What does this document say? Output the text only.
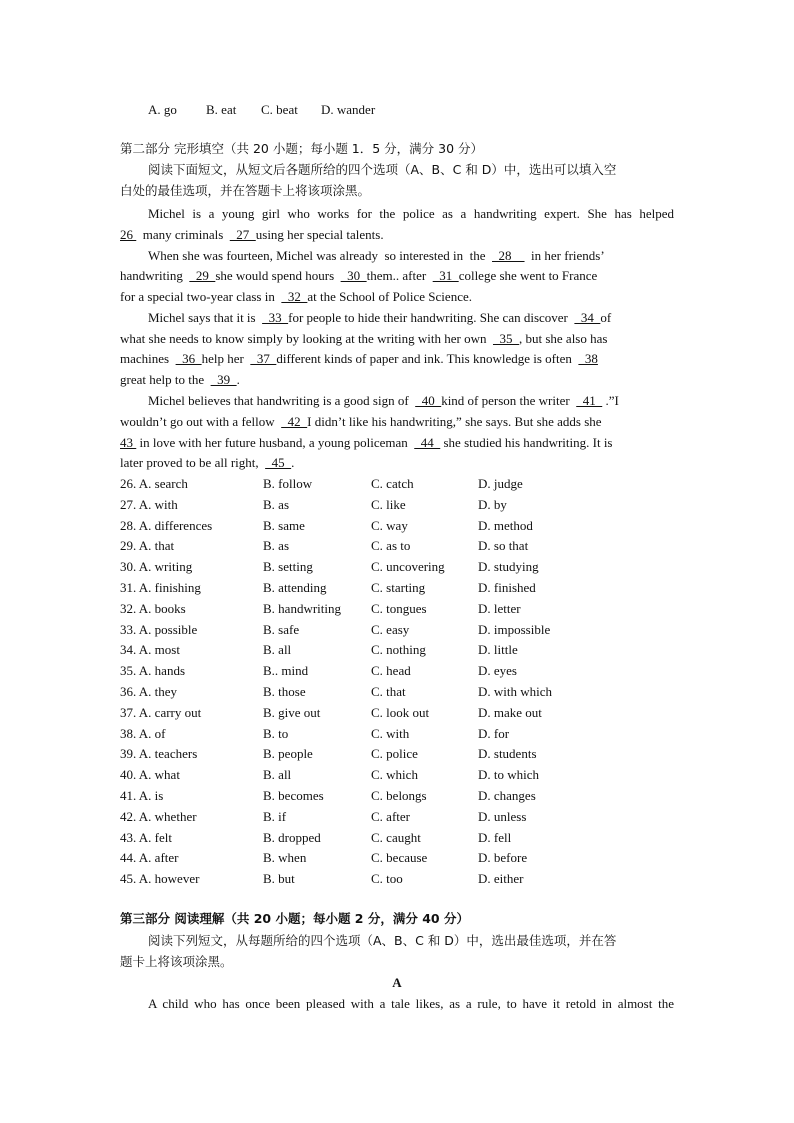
A. go B. eat C. beat D. wander
第二部分 完形填空（共 20 小题；每小题 1．5 分，满分 30 分）
阅读下面短文，从短文后各题所给的四个选项（A、B、C 和 D）中，选出可以填入空
白处的最佳选项，并在答题卡上将该项涂黑。
Michel is a young girl who works for the police as a handwriting expert. She has helped
26   many criminals    27  using her special talents.
When she was fourteen, Michel was already  so interested in  the    28      in her friends’
handwriting    29  she would spend hours    30  them.. after    31  college she went to France
for a special two-year class in    32  at the School of Police Science.
Michel says that it is    33  for people to hide their handwriting. She can discover    34  of
what she needs to know simply by looking at the writing with her own    35  , but she also has
machines    36  help her    37  different kinds of paper and ink. This knowledge is often    38
great help to the    39  .
Michel believes that handwriting is a good sign of    40  kind of person the writer    41   .”I
wouldn’t go out with a fellow    42  I didn’t like his handwriting,” she says. But she adds she
43  in love with her future husband, a young policeman    44   she studied his handwriting. It is
later proved to be all right,    45  .
26. A. search	B. follow	C. catch	D. judge
27. A. with	B. as	C. like	D. by
28. A. differences	B. same	C. way	D. method
29. A. that	B. as	C. as to	D. so that
30. A. writing	B. setting	C. uncovering	D. studying
31. A. finishing	B. attending	C. starting	D. finished
32. A. books	B. handwriting C. tongues	D. letter
33. A. possible	B. safe	C. easy	D. impossible
34. A. most	B. all	C. nothing	D. little
35. A. hands	B.. mind	C. head	D. eyes
36. A. they	B. those	C. that	D. with which
37. A. carry out	B. give out	C. look out	D. make out
38. A. of	B. to	C. with	D. for
39. A. teachers	B. people	C. police	D. students
40. A. what	B. all	C. which	D. to which
41. A. is	B. becomes	C. belongs	D. changes
42. A. whether	B. if	C. after	D. unless
43. A. felt	B. dropped	C. caught	D. fell
44. A. after	B. when	C. because	D. before
45. A. however	B. but	C. too	D. either
第三部分 阅读理解（共 20 小题；每小题 2 分，满分 40 分）
阅读下列短文，从每题所给的四个选项（A、B、C 和 D）中，选出最佳选项，并在答
题卡上将该项涂黑。
A
A child who has once been pleased with a tale likes, as a rule, to have it retold in almost the
